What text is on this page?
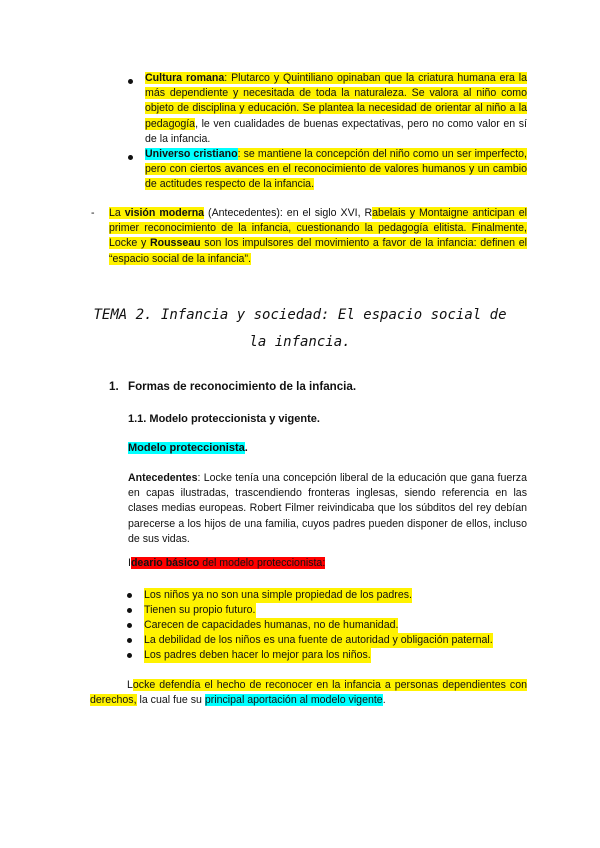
Cultura romana: Plutarco y Quintiliano opinaban que la criatura humana era la más dependiente y necesitada de toda la naturaleza. Se valora al niño como objeto de disciplina y educación. Se plantea la necesidad de orientar al niño a la pedagogía, le ven cualidades de buenas expectativas, pero no como valor en sí de la infancia.
Universo cristiano: se mantiene la concepción del niño como un ser imperfecto, pero con ciertos avances en el reconocimiento de valores humanos y un cambio de actitudes respecto de la infancia.
- La visión moderna (Antecedentes): en el siglo XVI, Rabelais y Montaigne anticipan el primer reconocimiento de la infancia, cuestionando la pedagogía elitista. Finalmente, Locke y Rousseau son los impulsores del movimiento a favor de la infancia: definen el “espacio social de la infancia”.
TEMA 2. Infancia y sociedad: El espacio social de la infancia.
1. Formas de reconocimiento de la infancia.
1.1. Modelo proteccionista y vigente.
Modelo proteccionista.
Antecedentes: Locke tenía una concepción liberal de la educación que gana fuerza en capas ilustradas, trascendiendo fronteras inglesas, siendo referencia en las clases medias europeas. Robert Filmer reivindicaba que los súbditos del rey debían parecerse a los hijos de una familia, cuyos padres pueden disponer de ellos, incluso de sus vidas.
Ideario básico del modelo proteccionista:
Los niños ya no son una simple propiedad de los padres.
Tienen su propio futuro.
Carecen de capacidades humanas, no de humanidad.
La debilidad de los niños es una fuente de autoridad y obligación paternal.
Los padres deben hacer lo mejor para los niños.
Locke defendía el hecho de reconocer en la infancia a personas dependientes con derechos, la cual fue su principal aportación al modelo vigente.
